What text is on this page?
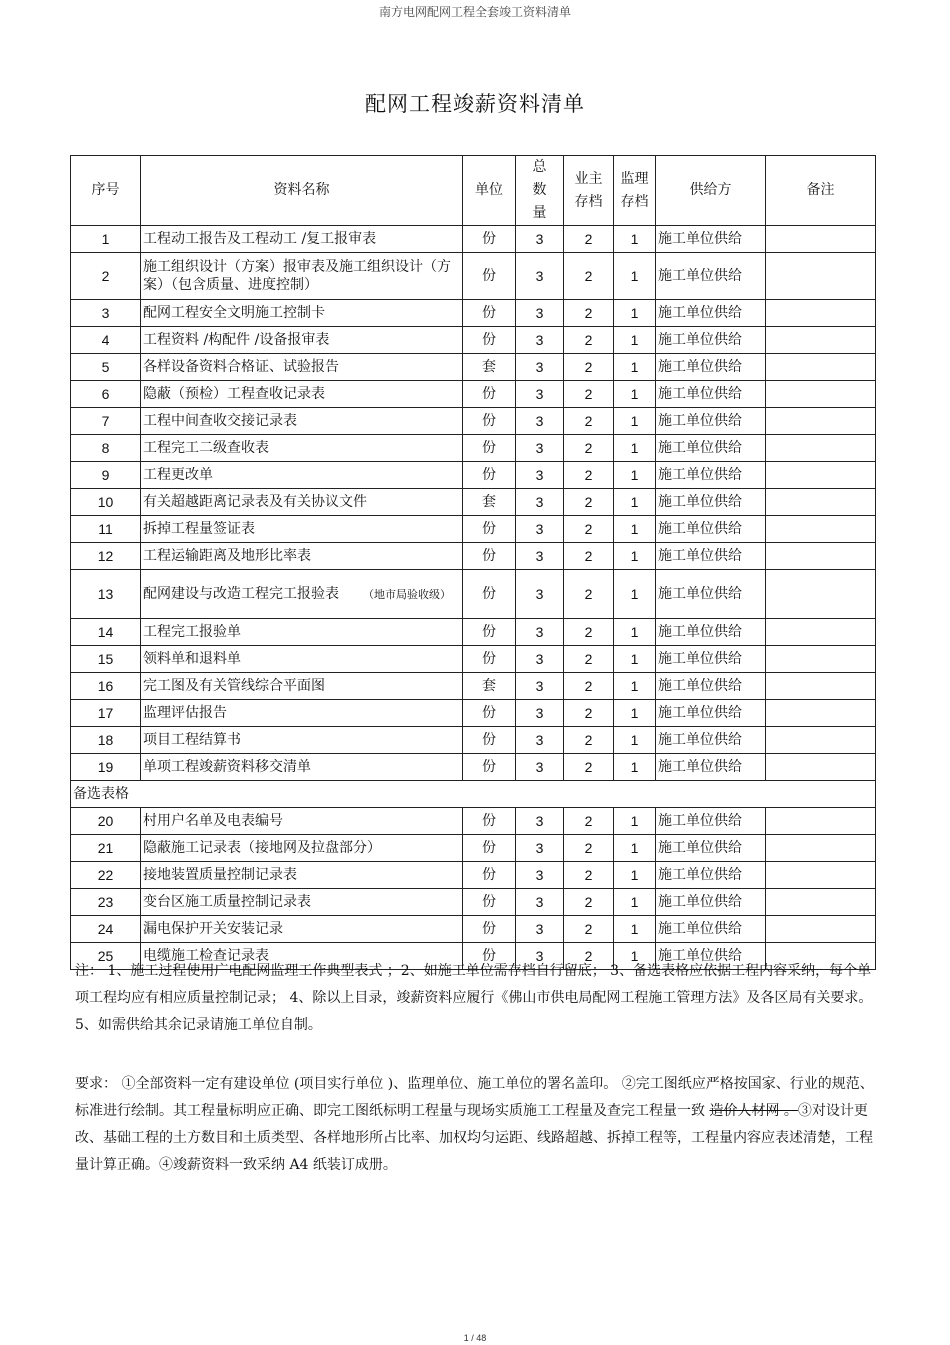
南方电网配网工程全套竣工资料清单
配网工程竣薪资料清单
序号	资料名称	单位	总数量	业主存档	监理存档	供给方	备注
1	工程动工报告及工程动工 /复工报审表	份	3	2	1	施工单位供给	
2	施工组织设计（方案）报审表及施工组织设计（方案）（包含质量、进度控制）	份	3	2	1	施工单位供给	
3	配网工程安全文明施工控制卡	份	3	2	1	施工单位供给	
4	工程资料 /构配件 /设备报审表	份	3	2	1	施工单位供给	
5	各样设备资料合格证、试验报告	套	3	2	1	施工单位供给	
6	隐蔽（预检）工程查收记录表	份	3	2	1	施工单位供给	
7	工程中间查收交接记录表	份	3	2	1	施工单位供给	
8	工程完工二级查收表	份	3	2	1	施工单位供给	
9	工程更改单	份	3	2	1	施工单位供给	
10	有关超越距离记录表及有关协议文件	套	3	2	1	施工单位供给	
11	拆掉工程量签证表	份	3	2	1	施工单位供给	
12	工程运输距离及地形比率表	份	3	2	1	施工单位供给	
13	配网建设与改造工程完工报验表 （地市局验收级）	份	3	2	1	施工单位供给	
14	工程完工报验单	份	3	2	1	施工单位供给	
15	领料单和退料单	份	3	2	1	施工单位供给	
16	完工图及有关管线综合平面图	套	3	2	1	施工单位供给	
17	监理评估报告	份	3	2	1	施工单位供给	
18	项目工程结算书	份	3	2	1	施工单位供给	
19	单项工程竣薪资料移交清单	份	3	2	1	施工单位供给	
备选表格							
20	村用户名单及电表编号	份	3	2	1	施工单位供给	
21	隐蔽施工记录表（接地网及拉盘部分）	份	3	2	1	施工单位供给	
22	接地装置质量控制记录表	份	3	2	1	施工单位供给	
23	变台区施工质量控制记录表	份	3	2	1	施工单位供给	
24	漏电保护开关安装记录	份	3	2	1	施工单位供给	
25	电缆施工检查记录表	份	3	2	1	施工单位供给	
注： 1、施工过程使用广电配网监理工作典型表式 ；2、如施工单位需存档自行留底； 3、备选表格应依据工程内容采纳，每个单项工程均应有相应质量控制记录； 4、除以上目录，竣薪资料应履行《佛山市供电局配网工程施工管理方法》及各区局有关要求。 5、如需供给其余记录请施工单位自制。
要求： ①全部资料一定有建设单位 (项目实行单位 )、监理单位、施工单位的署名盖印。 ②完工图纸应严格按国家、行业的规范、标准进行绘制。其工程量标明应正确、即完工图纸标明工程量与现场实质施工工程量及查完工程量一致 造价人材网 。③对设计更改、基础工程的土方数目和土质类型、各样地形所占比率、加权均匀运距、线路超越、拆掉工程等，工程量内容应表述清楚，工程量计算正确。④竣薪资料一致采纳 A4 纸装订成册。
1 / 48
